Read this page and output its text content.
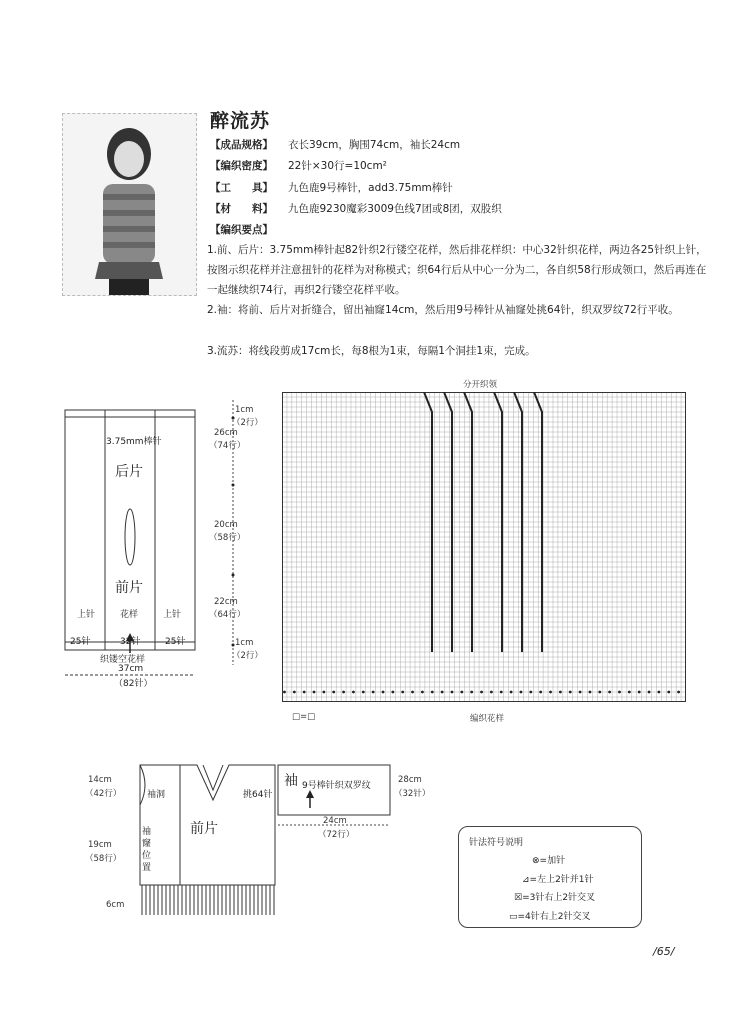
醉流苏
【成品规格】 衣长39cm，胸围74cm，袖长24cm
【编织密度】 22针×30行=10cm²
【工　　具】 九色鹿9号棒针，add3.75mm棒针
【材　　料】 九色鹿9230魔彩3009色线7团或8团，双股织
【编织要点】
1.前、后片：3.75mm棒针起82针织2行镂空花样，然后排花样织：中心32针织花样，两边各25针织上针，按图示织花样并注意扭针的花样为对称模式；织64行后从中心一分为二，各自织58行形成领口，然后再连在一起继续织74行，再织2行镂空花样平收。
2.袖：将前、后片对折缝合，留出袖窿14cm，然后用9号棒针从袖窿处挑64针，织双罗纹72行平收。
3.流苏：将线段剪成17cm长，每8根为1束，每隔1个洞挂1束，完成。
3.75mm棒针
后片
前片
上针	花样	上针
25针	32针	25针
织镂空花样
37cm
（82针）
1cm
（2行）
26cm
（74行）
20cm
（58行）
22cm
（64行）
1cm
（2行）
分开织领
□=□	编织花样
前片
袖洞
袖窿位置
挑64针
袖 9号棒针织双罗纹
14cm
（42行）
19cm
（58行）
6cm
28cm
（32针）
24cm
（72行）
针法符号说明
⊗=加针
⊿=左上2针并1针
☒=3针右上2针交叉
▭=4针右上2针交叉
/65/
